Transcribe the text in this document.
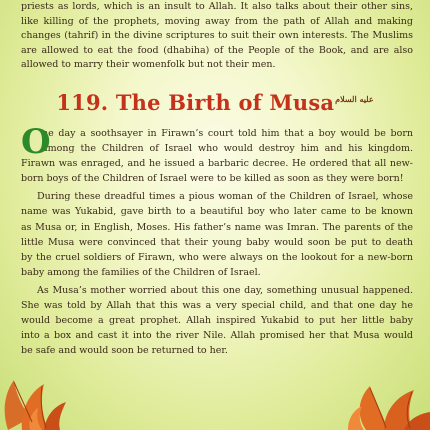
priests as lords, which is an insult to Allah. It also talks about their other sins,
like killing of the prophets, moving away from the path of Allah and making
changes (tahrif) in the divine scriptures to suit their own interests. The Muslims
are allowed to eat the food (dhabiha) of the People of the Book, and are also
allowed to marry their womenfolk but not their men.

119. The Birth of Musa$^{عليه السلام}$
O
ne day a soothsayer in Firawn’s court told him that a boy would be born
among the Children of Israel who would destroy him and his kingdom.
Firawn was enraged, and he issued a barbaric decree. He ordered that all new-
born boys of the Children of Israel were to be killed as soon as they were born!
During these dreadful times a pious woman of the Children of Israel, whose
name was Yukabid, gave birth to a beautiful boy who later came to be known
as Musa or, in English, Moses. His father’s name was Imran. The parents of the
little Musa were convinced that their young baby would soon be put to death
by the cruel soldiers of Firawn, who were always on the lookout for a new-born
baby among the families of the Children of Israel.
As Musa’s mother worried about this one day, something unusual happened.
She was told by Allah that this was a very special child, and that one day he
would become a great prophet. Allah inspired Yukabid to put her little baby
into a box and cast it into the river Nile. Allah promised her that Musa would
be safe and would soon be returned to her.
